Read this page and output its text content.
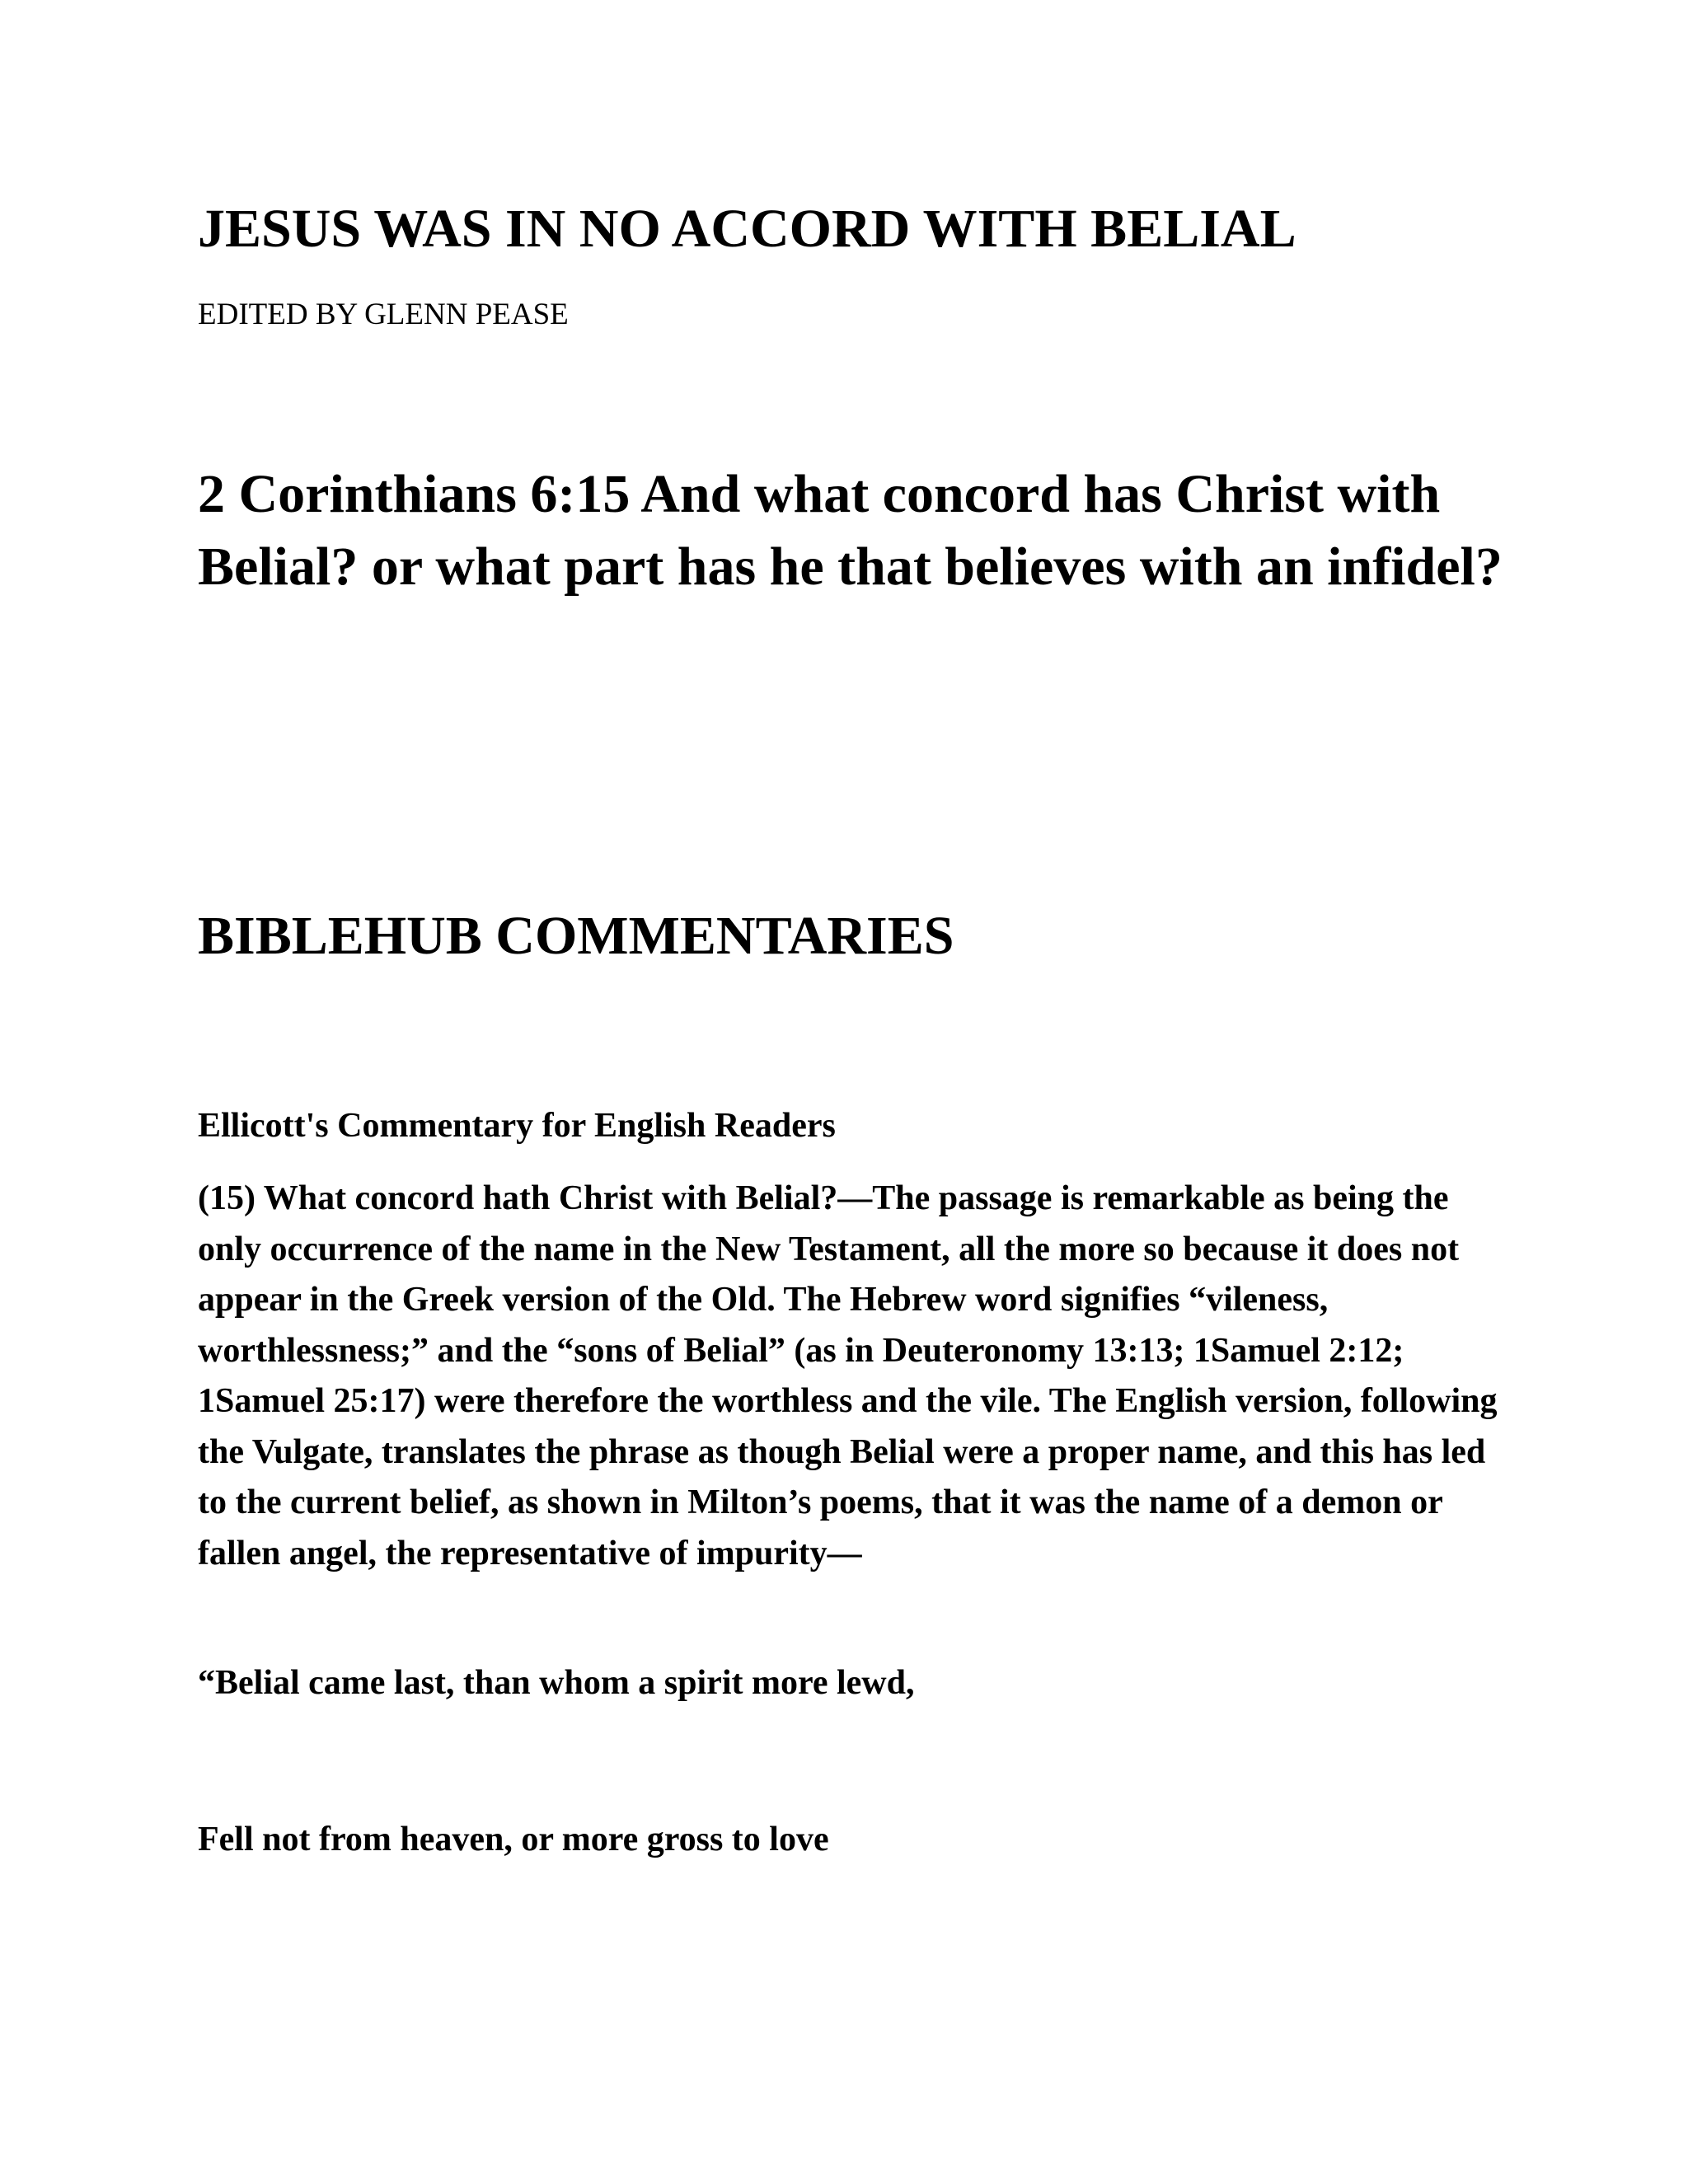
JESUS WAS IN NO ACCORD WITH BELIAL

EDITED BY GLENN PEASE

2 Corinthians 6:15 And what concord has Christ with Belial? or what part has he that believes with an infidel?
BIBLEHUB COMMENTARIES

Ellicott's Commentary for English Readers

(15) What concord hath Christ with Belial?—The passage is remarkable as being the only occurrence of the name in the New Testament, all the more so because it does not appear in the Greek version of the Old. The Hebrew word signifies “vileness, worthlessness;” and the “sons of Belial” (as in Deuteronomy 13:13; 1Samuel 2:12; 1Samuel 25:17) were therefore the worthless and the vile. The English version, following the Vulgate, translates the phrase as though Belial were a proper name, and this has led to the current belief, as shown in Milton’s poems, that it was the name of a demon or fallen angel, the representative of impurity—

“Belial came last, than whom a spirit more lewd,

Fell not from heaven, or more gross to love
